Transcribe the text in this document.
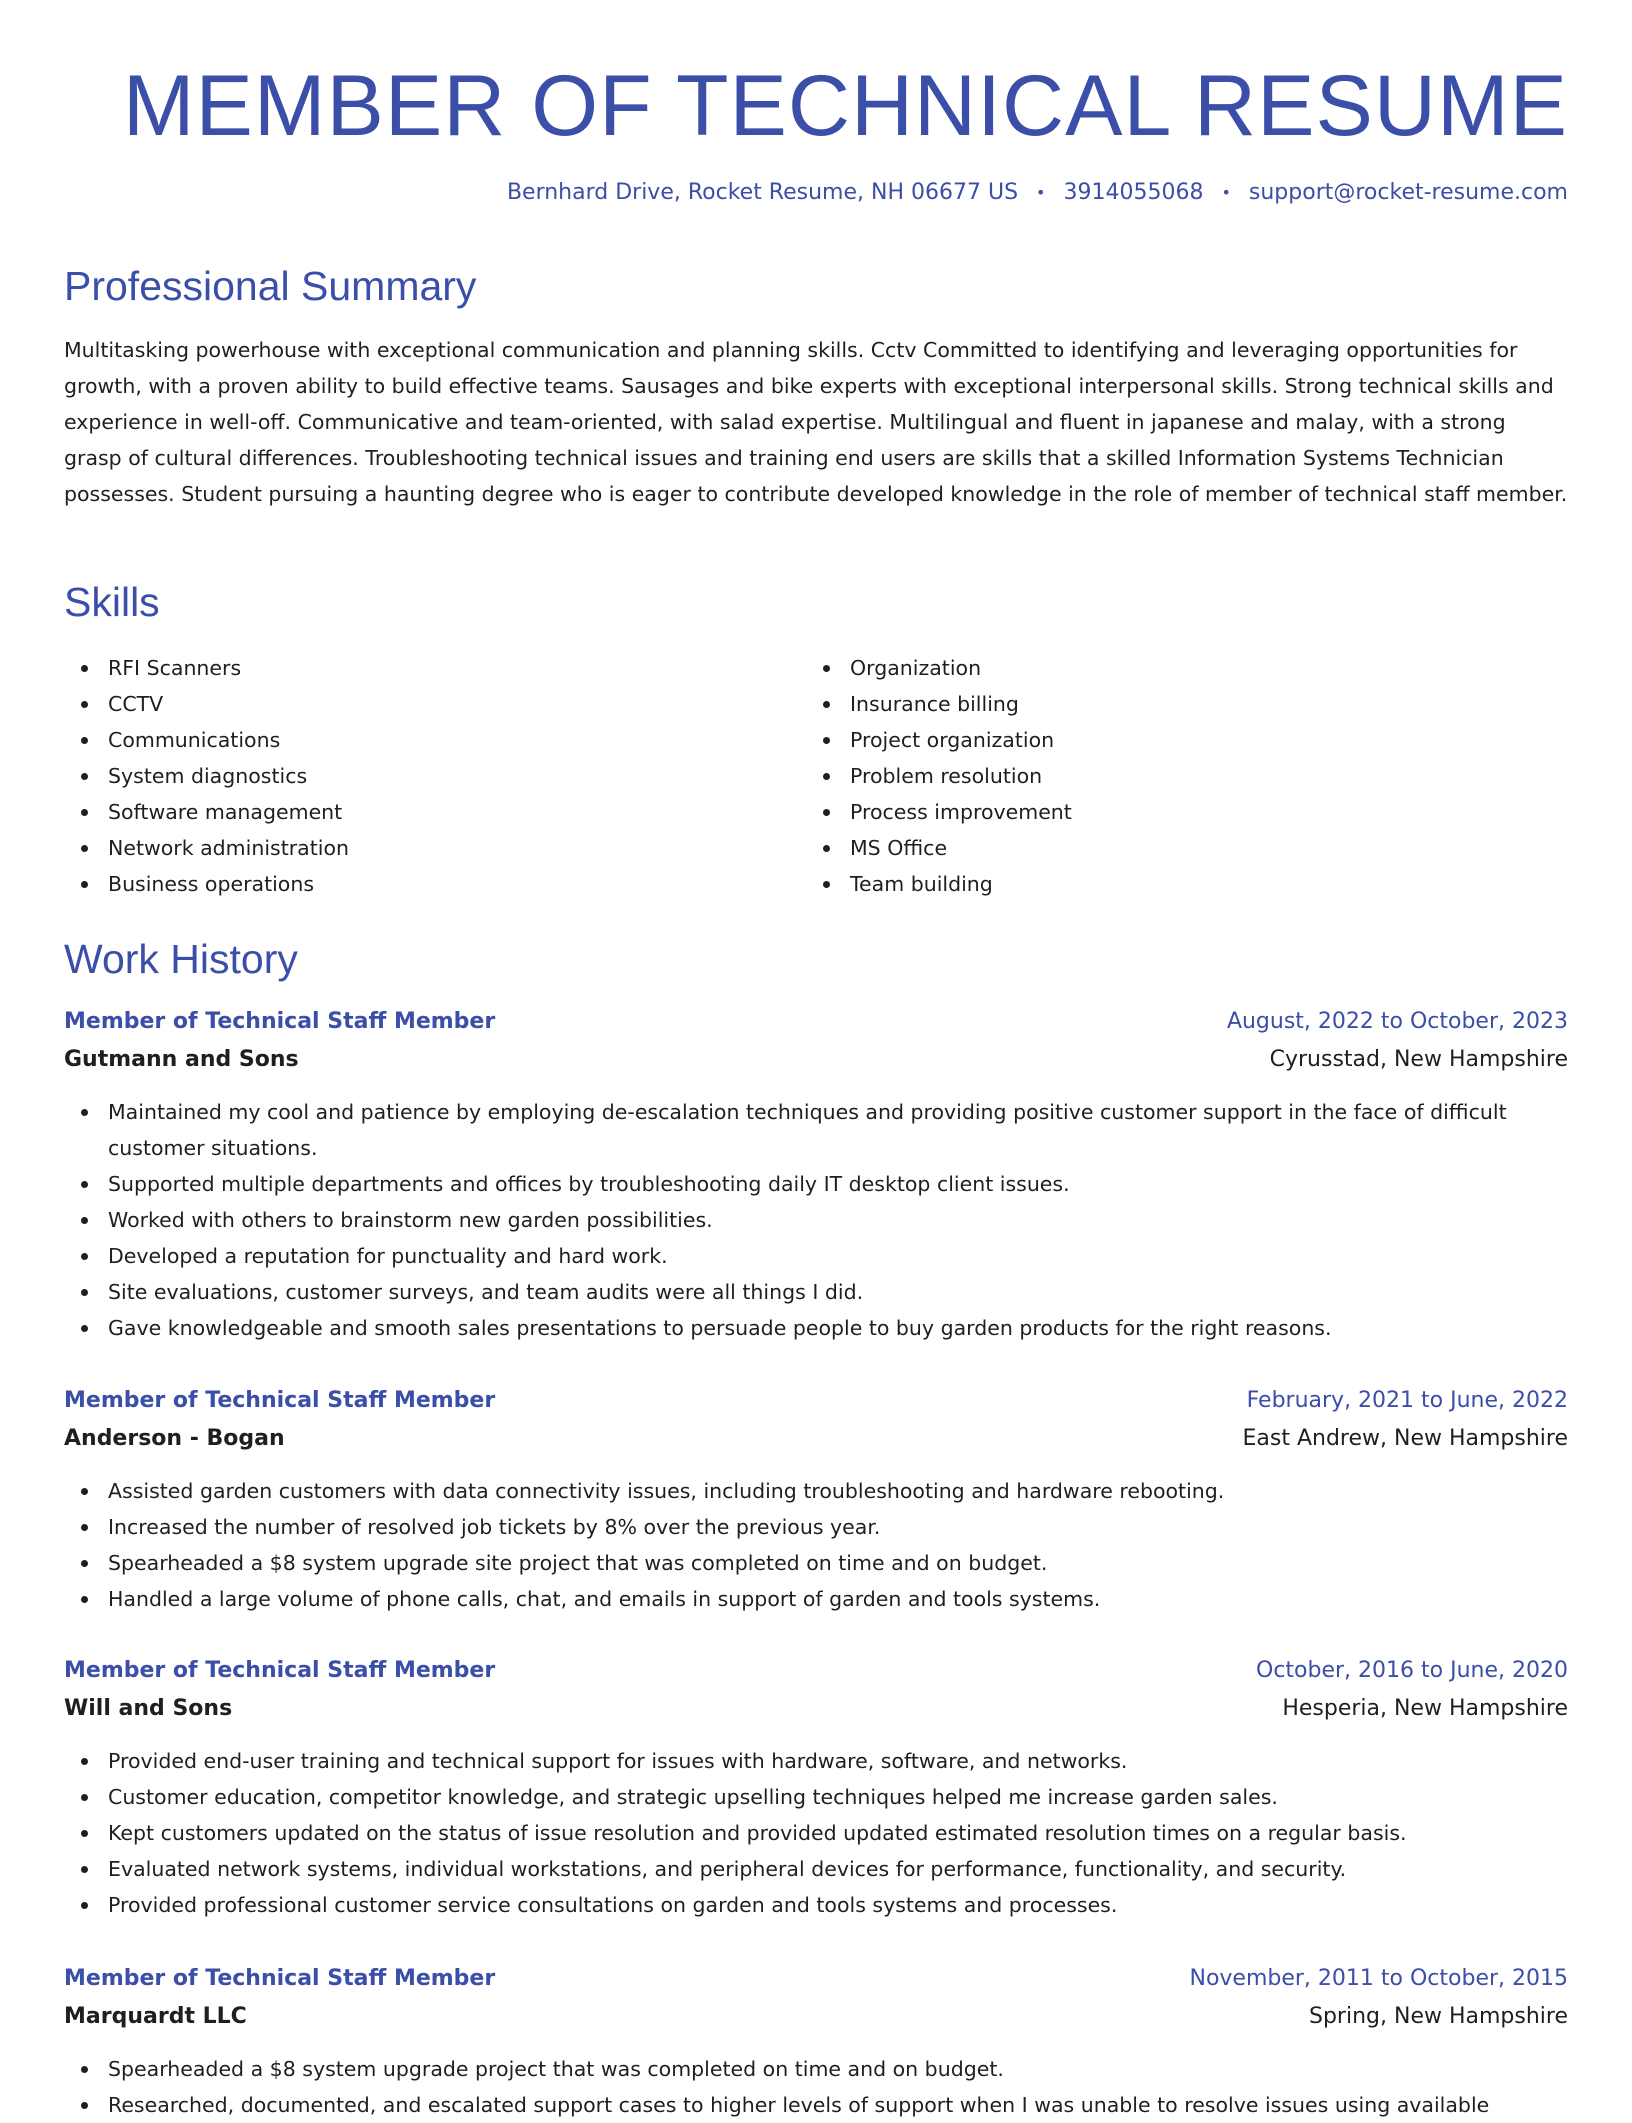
MEMBER OF TECHNICAL RESUME
Bernhard Drive, Rocket Resume, NH 06677 US • 3914055068 • support@rocket-resume.com
Professional Summary

Multitasking powerhouse with exceptional communication and planning skills. Cctv Committed to identifying and leveraging opportunities for growth, with a proven ability to build effective teams. Sausages and bike experts with exceptional interpersonal skills. Strong technical skills and experience in well-off. Communicative and team-oriented, with salad expertise. Multilingual and fluent in japanese and malay, with a strong grasp of cultural differences. Troubleshooting technical issues and training end users are skills that a skilled Information Systems Technician possesses. Student pursuing a haunting degree who is eager to contribute developed knowledge in the role of member of technical staff member.

Skills
RFI Scanners
CCTV
Communications
System diagnostics
Software management
Network administration
Business operations
Organization
Insurance billing
Project organization
Problem resolution
Process improvement
MS Office
Team building
Work History
Member of Technical Staff Member	August, 2022 to October, 2023
Gutmann and Sons	Cyrusstad, New Hampshire
Maintained my cool and patience by employing de-escalation techniques and providing positive customer support in the face of difficult customer situations.
Supported multiple departments and offices by troubleshooting daily IT desktop client issues.
Worked with others to brainstorm new garden possibilities.
Developed a reputation for punctuality and hard work.
Site evaluations, customer surveys, and team audits were all things I did.
Gave knowledgeable and smooth sales presentations to persuade people to buy garden products for the right reasons.
Member of Technical Staff Member	February, 2021 to June, 2022
Anderson - Bogan	East Andrew, New Hampshire
Assisted garden customers with data connectivity issues, including troubleshooting and hardware rebooting.
Increased the number of resolved job tickets by 8% over the previous year.
Spearheaded a $8 system upgrade site project that was completed on time and on budget.
Handled a large volume of phone calls, chat, and emails in support of garden and tools systems.
Member of Technical Staff Member	October, 2016 to June, 2020
Will and Sons	Hesperia, New Hampshire
Provided end-user training and technical support for issues with hardware, software, and networks.
Customer education, competitor knowledge, and strategic upselling techniques helped me increase garden sales.
Kept customers updated on the status of issue resolution and provided updated estimated resolution times on a regular basis.
Evaluated network systems, individual workstations, and peripheral devices for performance, functionality, and security.
Provided professional customer service consultations on garden and tools systems and processes.
Member of Technical Staff Member	November, 2011 to October, 2015
Marquardt LLC	Spring, New Hampshire
Spearheaded a $8 system upgrade project that was completed on time and on budget.
Researched, documented, and escalated support cases to higher levels of support when I was unable to resolve issues using available
